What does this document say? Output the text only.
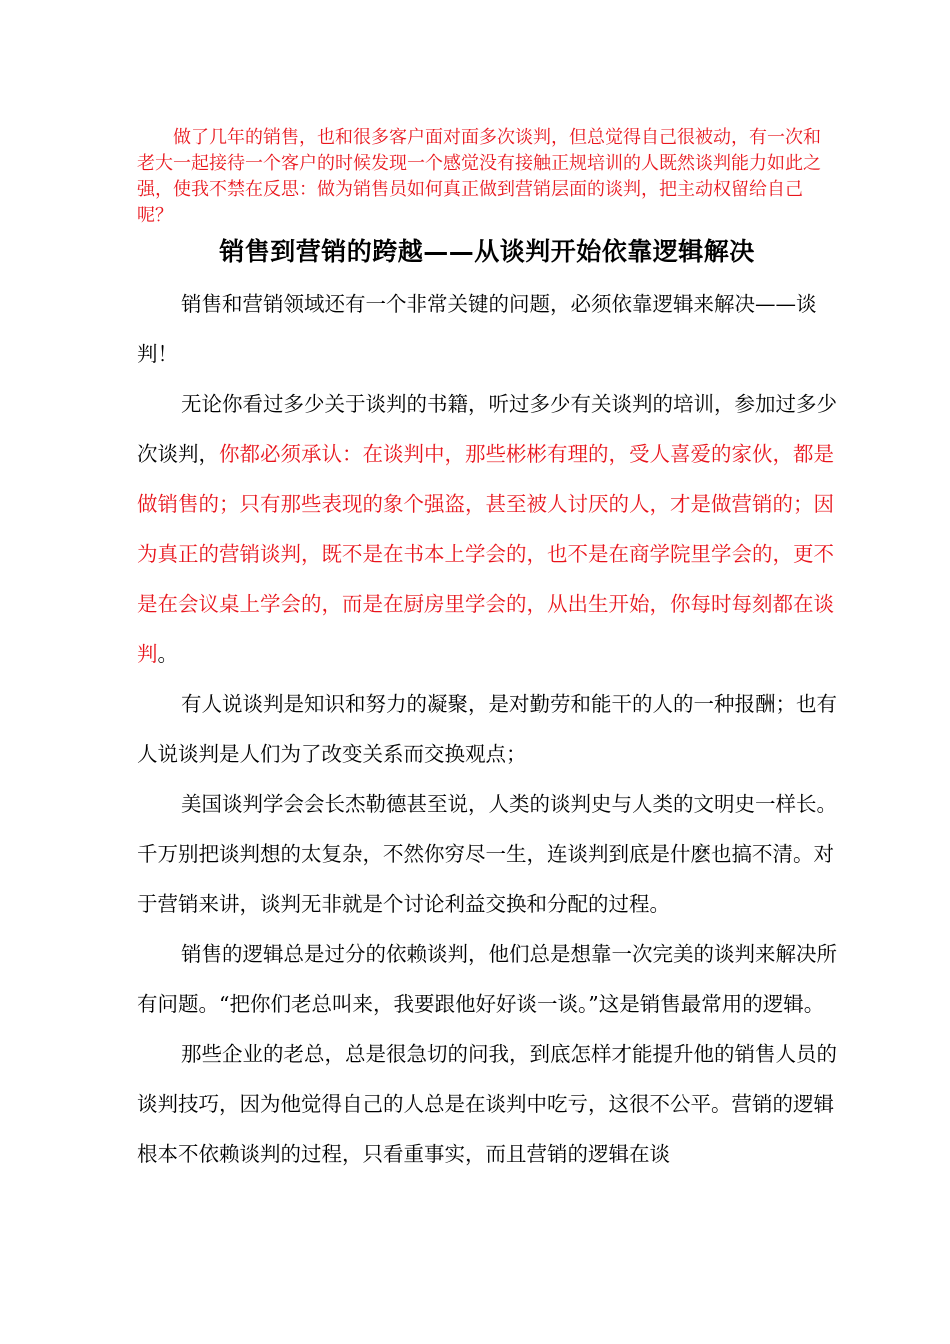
做了几年的销售，也和很多客户面对面多次谈判，但总觉得自己很被动，有一次和老大一起接待一个客户的时候发现一个感觉没有接触正规培训的人既然谈判能力如此之强，使我不禁在反思：做为销售员如何真正做到营销层面的谈判，把主动权留给自己呢？

销售到营销的跨越——从谈判开始依靠逻辑解决

销售和营销领域还有一个非常关键的问题，必须依靠逻辑来解决——谈判！

无论你看过多少关于谈判的书籍，听过多少有关谈判的培训，参加过多少次谈判，你都必须承认：在谈判中，那些彬彬有理的，受人喜爱的家伙，都是做销售的；只有那些表现的象个强盗，甚至被人讨厌的人，才是做营销的；因为真正的营销谈判，既不是在书本上学会的，也不是在商学院里学会的，更不是在会议桌上学会的，而是在厨房里学会的，从出生开始，你每时每刻都在谈判。

有人说谈判是知识和努力的凝聚，是对勤劳和能干的人的一种报酬；也有人说谈判是人们为了改变关系而交换观点；

美国谈判学会会长杰勒德甚至说，人类的谈判史与人类的文明史一样长。千万别把谈判想的太复杂，不然你穷尽一生，连谈判到底是什麽也搞不清。对于营销来讲，谈判无非就是个讨论利益交换和分配的过程。

销售的逻辑总是过分的依赖谈判，他们总是想靠一次完美的谈判来解决所有问题。“把你们老总叫来，我要跟他好好谈一谈。”这是销售最常用的逻辑。

那些企业的老总，总是很急切的问我，到底怎样才能提升他的销售人员的谈判技巧，因为他觉得自己的人总是在谈判中吃亏，这很不公平。营销的逻辑根本不依赖谈判的过程，只看重事实，而且营销的逻辑在谈
